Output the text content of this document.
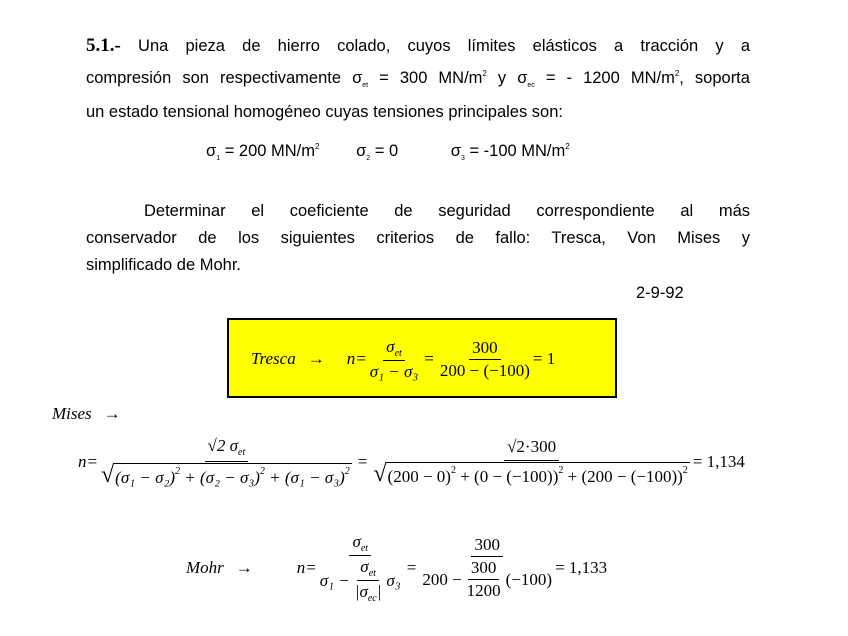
5.1.- Una pieza de hierro colado, cuyos límites elásticos a tracción y a
compresión son respectivamente $\sigma_{et} = 300$ $MN/m^2$ y $\sigma_{ec}$ = - 1200 $MN/m^2$, soporta
un estado tensional homogéneo cuyas tensiones principales son:
$\sigma_1 = 200$ $MN/m^2$ $\sigma_2 = 0$	$\sigma_3 = -100$ $MN/m^2$
Determinar el coeficiente de seguridad correspondiente al más
conservador de los siguientes criterios de fallo: Tresca, Von Mises y
simplificado de Mohr.
2-9-92
Tresca → $n= \frac{\sigma_{et}}{\text{σ₁ − σ₃}} = \frac{300}{200 - (-100)} = 1$
Mises →
n=
√2 $\sigma_{et}$
√ $(\sigma_1 - \sigma_2)^2 + (\sigma_2 - \sigma_3)^2 + (\sigma_1 - \sigma_3)^2$
=
√2·300
√ $(200 - 0)^2 + (0 - (-100))^2 + (200 - (-100))^2 = 1,134$
Mohr →	$n= \frac{\sigma_{et}}{\sigma_1 - \frac{\sigma_{et}}{|\sigma_{ec}|} \sigma_3} = \frac{300}{200 - \frac{300}{1200} (-100)} = 1,133$
